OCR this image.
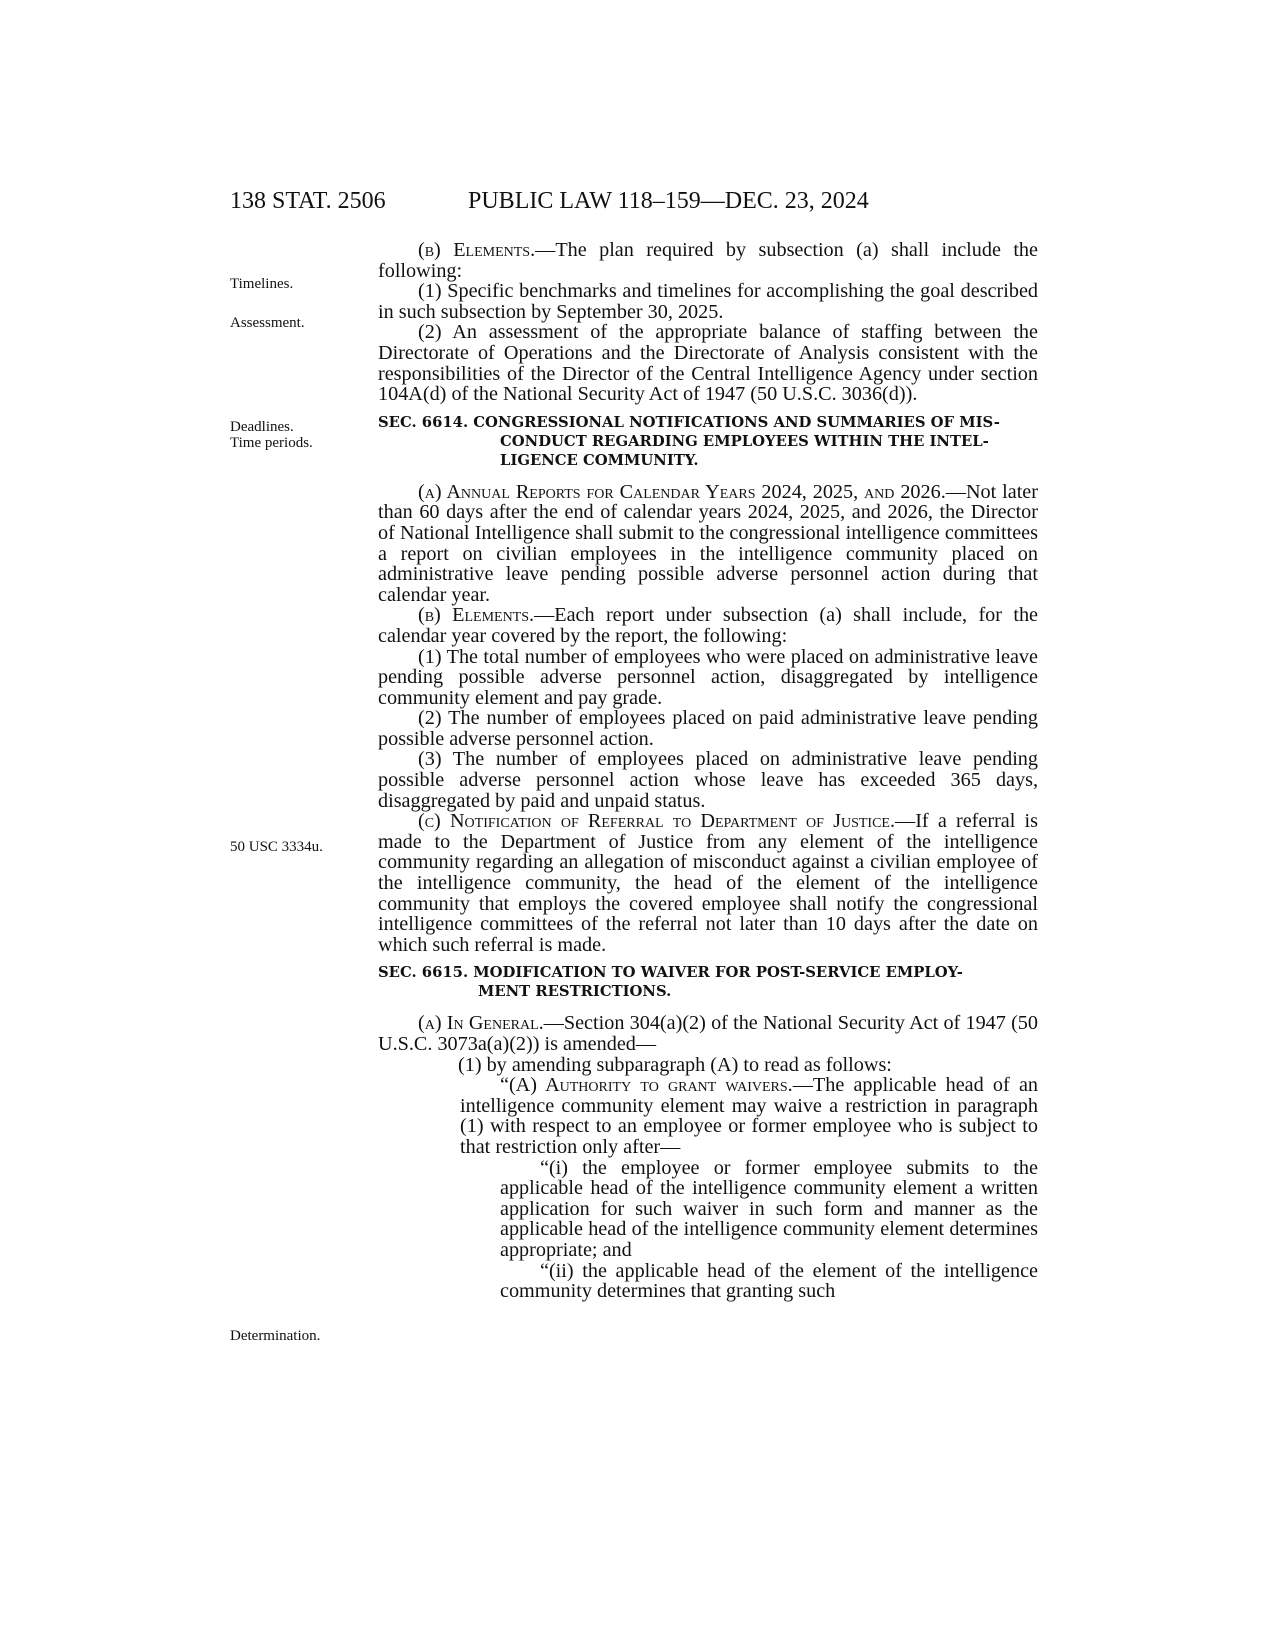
138 STAT. 2506	PUBLIC LAW 118–159—DEC. 23, 2024
Timelines.
Assessment.
Deadlines.
Time periods.
50 USC 3334u.
Determination.

(b) Elements.—The plan required by subsection (a) shall include the following:

(1) Specific benchmarks and timelines for accomplishing the goal described in such subsection by September 30, 2025.

(2) An assessment of the appropriate balance of staffing between the Directorate of Operations and the Directorate of Analysis consistent with the responsibilities of the Director of the Central Intelligence Agency under section 104A(d) of the National Security Act of 1947 (50 U.S.C. 3036(d)).

SEC. 6614. CONGRESSIONAL NOTIFICATIONS AND SUMMARIES OF MIS-
CONDUCT REGARDING EMPLOYEES WITHIN THE INTEL-
LIGENCE COMMUNITY.

(a) Annual Reports for Calendar Years 2024, 2025, and 2026.—Not later than 60 days after the end of calendar years 2024, 2025, and 2026, the Director of National Intelligence shall submit to the congressional intelligence committees a report on civilian employees in the intelligence community placed on administrative leave pending possible adverse personnel action during that calendar year.

(b) Elements.—Each report under subsection (a) shall include, for the calendar year covered by the report, the following:

(1) The total number of employees who were placed on administrative leave pending possible adverse personnel action, disaggregated by intelligence community element and pay grade.

(2) The number of employees placed on paid administrative leave pending possible adverse personnel action.

(3) The number of employees placed on administrative leave pending possible adverse personnel action whose leave has exceeded 365 days, disaggregated by paid and unpaid status.

(c) Notification of Referral to Department of Justice.—If a referral is made to the Department of Justice from any element of the intelligence community regarding an allegation of misconduct against a civilian employee of the intelligence community, the head of the element of the intelligence community that employs the covered employee shall notify the congressional intelligence committees of the referral not later than 10 days after the date on which such referral is made.

SEC. 6615. MODIFICATION TO WAIVER FOR POST-SERVICE EMPLOY-
MENT RESTRICTIONS.

(a) In General.—Section 304(a)(2) of the National Security Act of 1947 (50 U.S.C. 3073a(a)(2)) is amended—

(1) by amending subparagraph (A) to read as follows:

“(A) Authority to grant waivers.—The applicable head of an intelligence community element may waive a restriction in paragraph (1) with respect to an employee or former employee who is subject to that restriction only after—

“(i) the employee or former employee submits to the applicable head of the intelligence community element a written application for such waiver in such form and manner as the applicable head of the intelligence community element determines appropriate; and

“(ii) the applicable head of the element of the intelligence community determines that granting such
